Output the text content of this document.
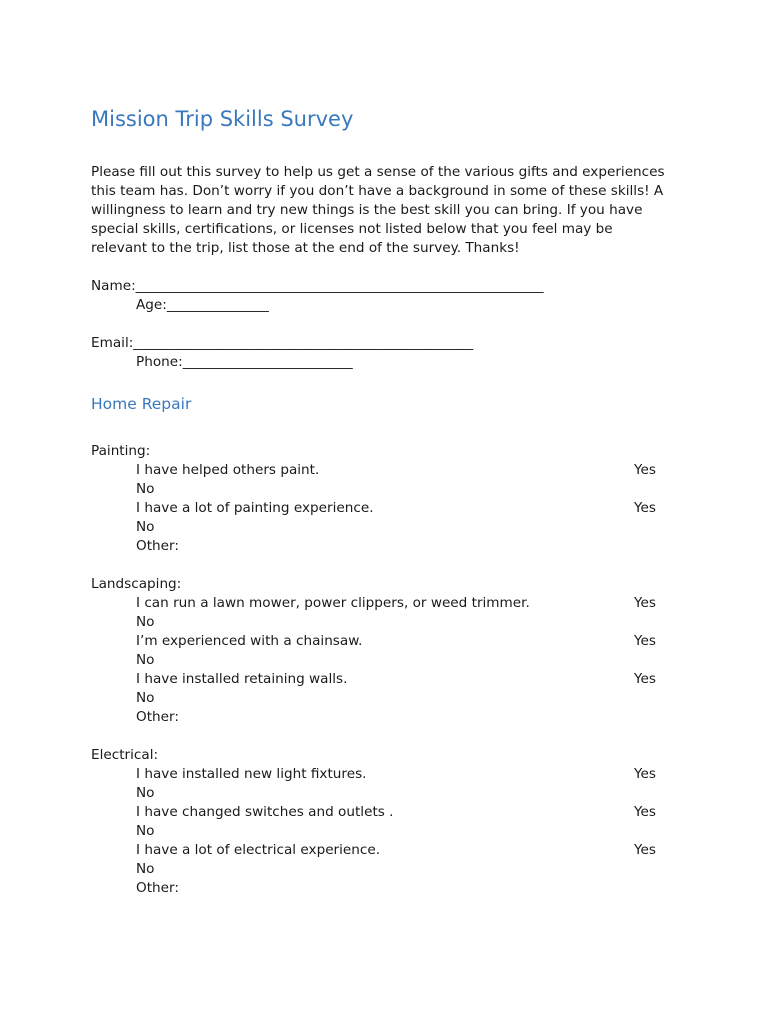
Mission Trip Skills Survey
Please fill out this survey to help us get a sense of the various gifts and experiences
this team has. Don’t worry if you don’t have a background in some of these skills! A
willingness to learn and try new things is the best skill you can bring. If you have
special skills, certifications, or licenses not listed below that you feel may be
relevant to the trip, list those at the end of the survey. Thanks!
Name:____________________________________________________________
Age:_______________
Email:__________________________________________________
Phone:_________________________
Home Repair
Painting:
I have helped others paint.	Yes
No
I have a lot of painting experience.	Yes
No
Other:
Landscaping:
I can run a lawn mower, power clippers, or weed trimmer.	Yes
No
I’m experienced with a chainsaw.	Yes
No
I have installed retaining walls.	Yes
No
Other:
Electrical:
I have installed new light fixtures.	Yes
No
I have changed switches and outlets .	Yes
No
I have a lot of electrical experience.	Yes
No
Other:
